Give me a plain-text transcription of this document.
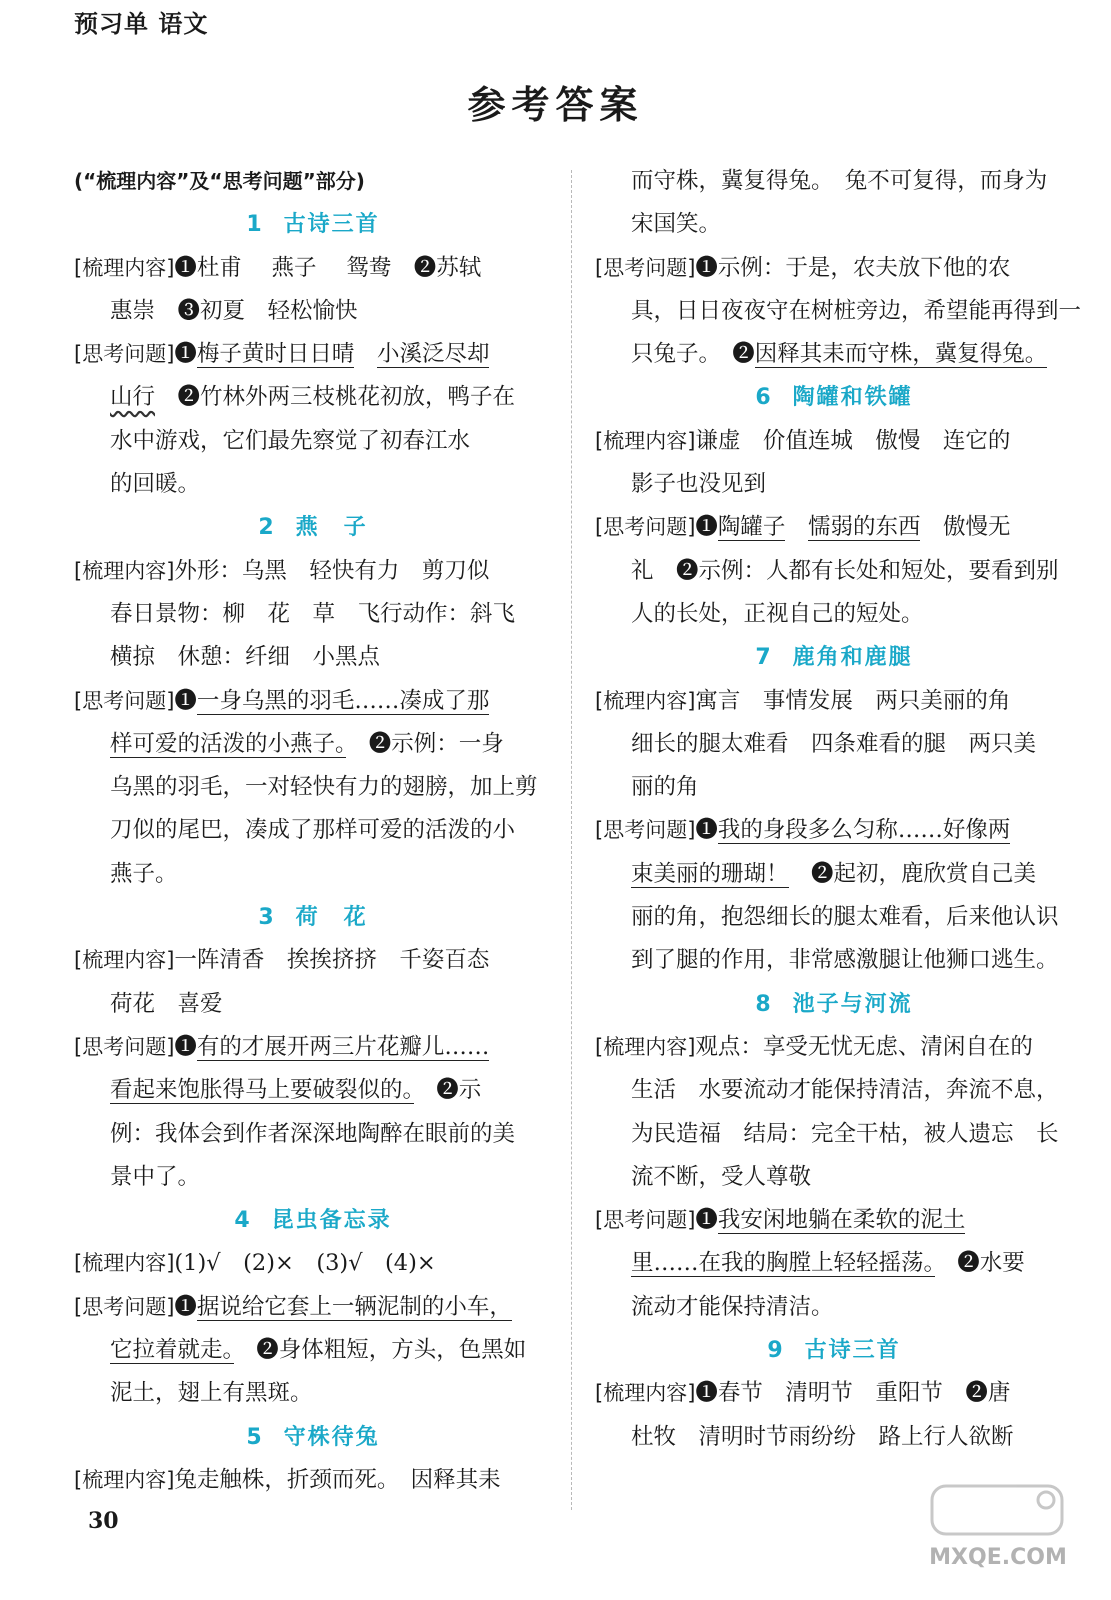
预习单 语文
参考答案
(“梳理内容”及“思考问题”部分)
1 古诗三首
[梳理内容]❶杜甫　 燕子　 鸳鸯　❷苏轼
惠崇　❸初夏　轻松愉快
[思考问题]❶梅子黄时日日晴　 小溪泛尽却
山行　❷竹林外两三枝桃花初放，鸭子在
水中游戏，它们最先察觉了初春江水
的回暖。
2 燕　子
[梳理内容]外形：乌黑　轻快有力　剪刀似
春日景物：柳　花　草　飞行动作：斜飞
横掠　休憩：纤细　小黑点
[思考问题]❶一身乌黑的羽毛……凑成了那
样可爱的活泼的小燕子。　❷示例：一身
乌黑的羽毛，一对轻快有力的翅膀，加上剪
刀似的尾巴，凑成了那样可爱的活泼的小
燕子。
3 荷　花
[梳理内容]一阵清香　挨挨挤挤　千姿百态
荷花　喜爱
[思考问题]❶有的才展开两三片花瓣儿……
看起来饱胀得马上要破裂似的。　❷示
例：我体会到作者深深地陶醉在眼前的美
景中了。
4 昆虫备忘录
[梳理内容](1)√　(2)×　(3)√　(4)×
[思考问题]❶据说给它套上一辆泥制的小车，
它拉着就走。　❷身体粗短，方头，色黑如
泥土，翅上有黑斑。
5 守株待兔
[梳理内容]兔走触株，折颈而死。　因释其耒
而守株，冀复得兔。　兔不可复得，而身为
宋国笑。
[思考问题]❶示例：于是，农夫放下他的农
具，日日夜夜守在树桩旁边，希望能再得到一
只兔子。　❷因释其耒而守株，冀复得兔。
6 陶罐和铁罐
[梳理内容]谦虚　价值连城　傲慢　连它的
影子也没见到
[思考问题]❶陶罐子　 懦弱的东西　傲慢无
礼　❷示例：人都有长处和短处，要看到别
人的长处，正视自己的短处。
7 鹿角和鹿腿
[梳理内容]寓言　事情发展　两只美丽的角
细长的腿太难看　四条难看的腿　两只美
丽的角
[思考问题]❶我的身段多么匀称……好像两
束美丽的珊瑚！　❷起初，鹿欣赏自己美
丽的角，抱怨细长的腿太难看，后来他认识
到了腿的作用，非常感激腿让他狮口逃生。
8 池子与河流
[梳理内容]观点：享受无忧无虑、清闲自在的
生活　水要流动才能保持清洁，奔流不息，
为民造福　结局：完全干枯，被人遗忘　长
流不断，受人尊敬
[思考问题]❶我安闲地躺在柔软的泥土
里……在我的胸膛上轻轻摇荡。　❷水要
流动才能保持清洁。
9 古诗三首
[梳理内容]❶春节　清明节　重阳节　❷唐
杜牧　清明时节雨纷纷　路上行人欲断
30
MXQE.COM
